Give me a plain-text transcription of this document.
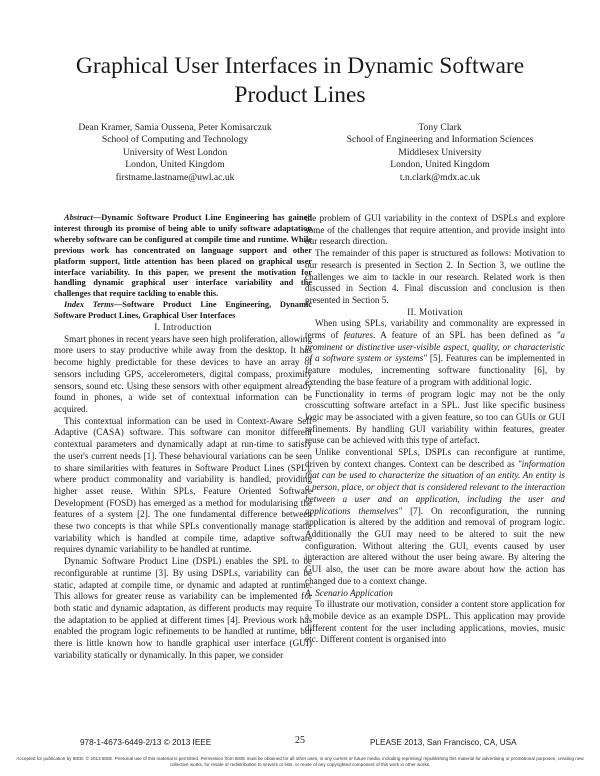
Graphical User Interfaces in Dynamic Software Product Lines
Dean Kramer, Samia Oussena, Peter Komisarczuk
School of Computing and Technology
University of West London
London, United Kingdom
firstname.lastname@uwl.ac.uk
Tony Clark
School of Engineering and Information Sciences
Middlesex University
London, United Kingdom
t.n.clark@mdx.ac.uk

Abstract—Dynamic Software Product Line Engineering has gained interest through its promise of being able to unify software adaptation whereby software can be configured at compile time and runtime. While previous work has concentrated on language support and other platform support, little attention has been placed on graphical user interface variability. In this paper, we present the motivation for handling dynamic graphical user interface variability and the challenges that require tackling to enable this.

Index Terms—Software Product Line Engineering, Dynamic Software Product Lines, Graphical User Interfaces

I. Introduction

Smart phones in recent years have seen high proliferation, allowing more users to stay productive while away from the desktop. It has become highly predictable for these devices to have an array of sensors including GPS, accelerometers, digital compass, proximity sensors, sound etc. Using these sensors with other equipment already found in phones, a wide set of contextual information can be acquired.

This contextual information can be used in Context-Aware Self Adaptive (CASA) software. This software can monitor different contextual parameters and dynamically adapt at run-time to satisfy the user's current needs [1]. These behavioural variations can be seen to share similarities with features in Software Product Lines (SPL), where product commonality and variability is handled, providing higher asset reuse. Within SPLs, Feature Oriented Software Development (FOSD) has emerged as a method for modularising the features of a system [2]. The one fundamental difference between these two concepts is that while SPLs conventionally manage static variability which is handled at compile time, adaptive software requires dynamic variability to be handled at runtime.

Dynamic Software Product Line (DSPL) enables the SPL to be reconfigurable at runtime [3]. By using DSPLs, variability can be static, adapted at compile time, or dynamic and adapted at runtime. This allows for greater reuse as variability can be implemented for both static and dynamic adaptation, as different products may require the adaptation to be applied at different times [4]. Previous work has enabled the program logic refinements to be handled at runtime, but there is little known how to handle graphical user interface (GUI) variability statically or dynamically. In this paper, we consider

the problem of GUI variability in the context of DSPLs and explore some of the challenges that require attention, and provide insight into our research direction.

The remainder of this paper is structured as follows: Motivation to our research is presented in Section 2. In Section 3, we outline the challenges we aim to tackle in our research. Related work is then discussed in Section 4. Final discussion and conclusion is then presented in Section 5.

II. Motivation

When using SPLs, variability and commonality are expressed in terms of features. A feature of an SPL has been defined as "a prominent or distinctive user-visible aspect, quality, or characteristic of a software system or systems" [5]. Features can be implemented in feature modules, incrementing software functionality [6], by extending the base feature of a program with additional logic.

Functionality in terms of program logic may not be the only crosscutting software artefact in a SPL. Just like specific business logic may be associated with a given feature, so too can GUIs or GUI refinements. By handling GUI variability within features, greater reuse can be achieved with this type of artefact.

Unlike conventional SPLs, DSPLs can reconfigure at runtime, driven by context changes. Context can be described as "information that can be used to characterize the situation of an entity. An entity is a person, place, or object that is considered relevant to the interaction between a user and an application, including the user and applications themselves" [7]. On reconfiguration, the running application is altered by the addition and removal of program logic. Additionally the GUI may need to be altered to suit the new configuration. Without altering the GUI, events caused by user interaction are altered without the user being aware. By altering the GUI also, the user can be more aware about how the action has changed due to a context change.

A. Scenario Application

To illustrate our motivation, consider a content store application for a mobile device as an example DSPL. This application may provide different content for the user including applications, movies, music etc. Different content is organised into

25
978-1-4673-6449-2/13 © 2013 IEEE	PLEASE 2013, San Francisco, CA, USA
Accepted for publication by IEEE. © 2013 IEEE. Personal use of this material is permitted. Permission from IEEE must be obtained for all other uses, in any current or future media, including reprinting/ republishing this material for advertising or promotional purposes, creating new collective works, for resale or redistribution to servers or lists, or reuse of any copyrighted component of this work in other works.
